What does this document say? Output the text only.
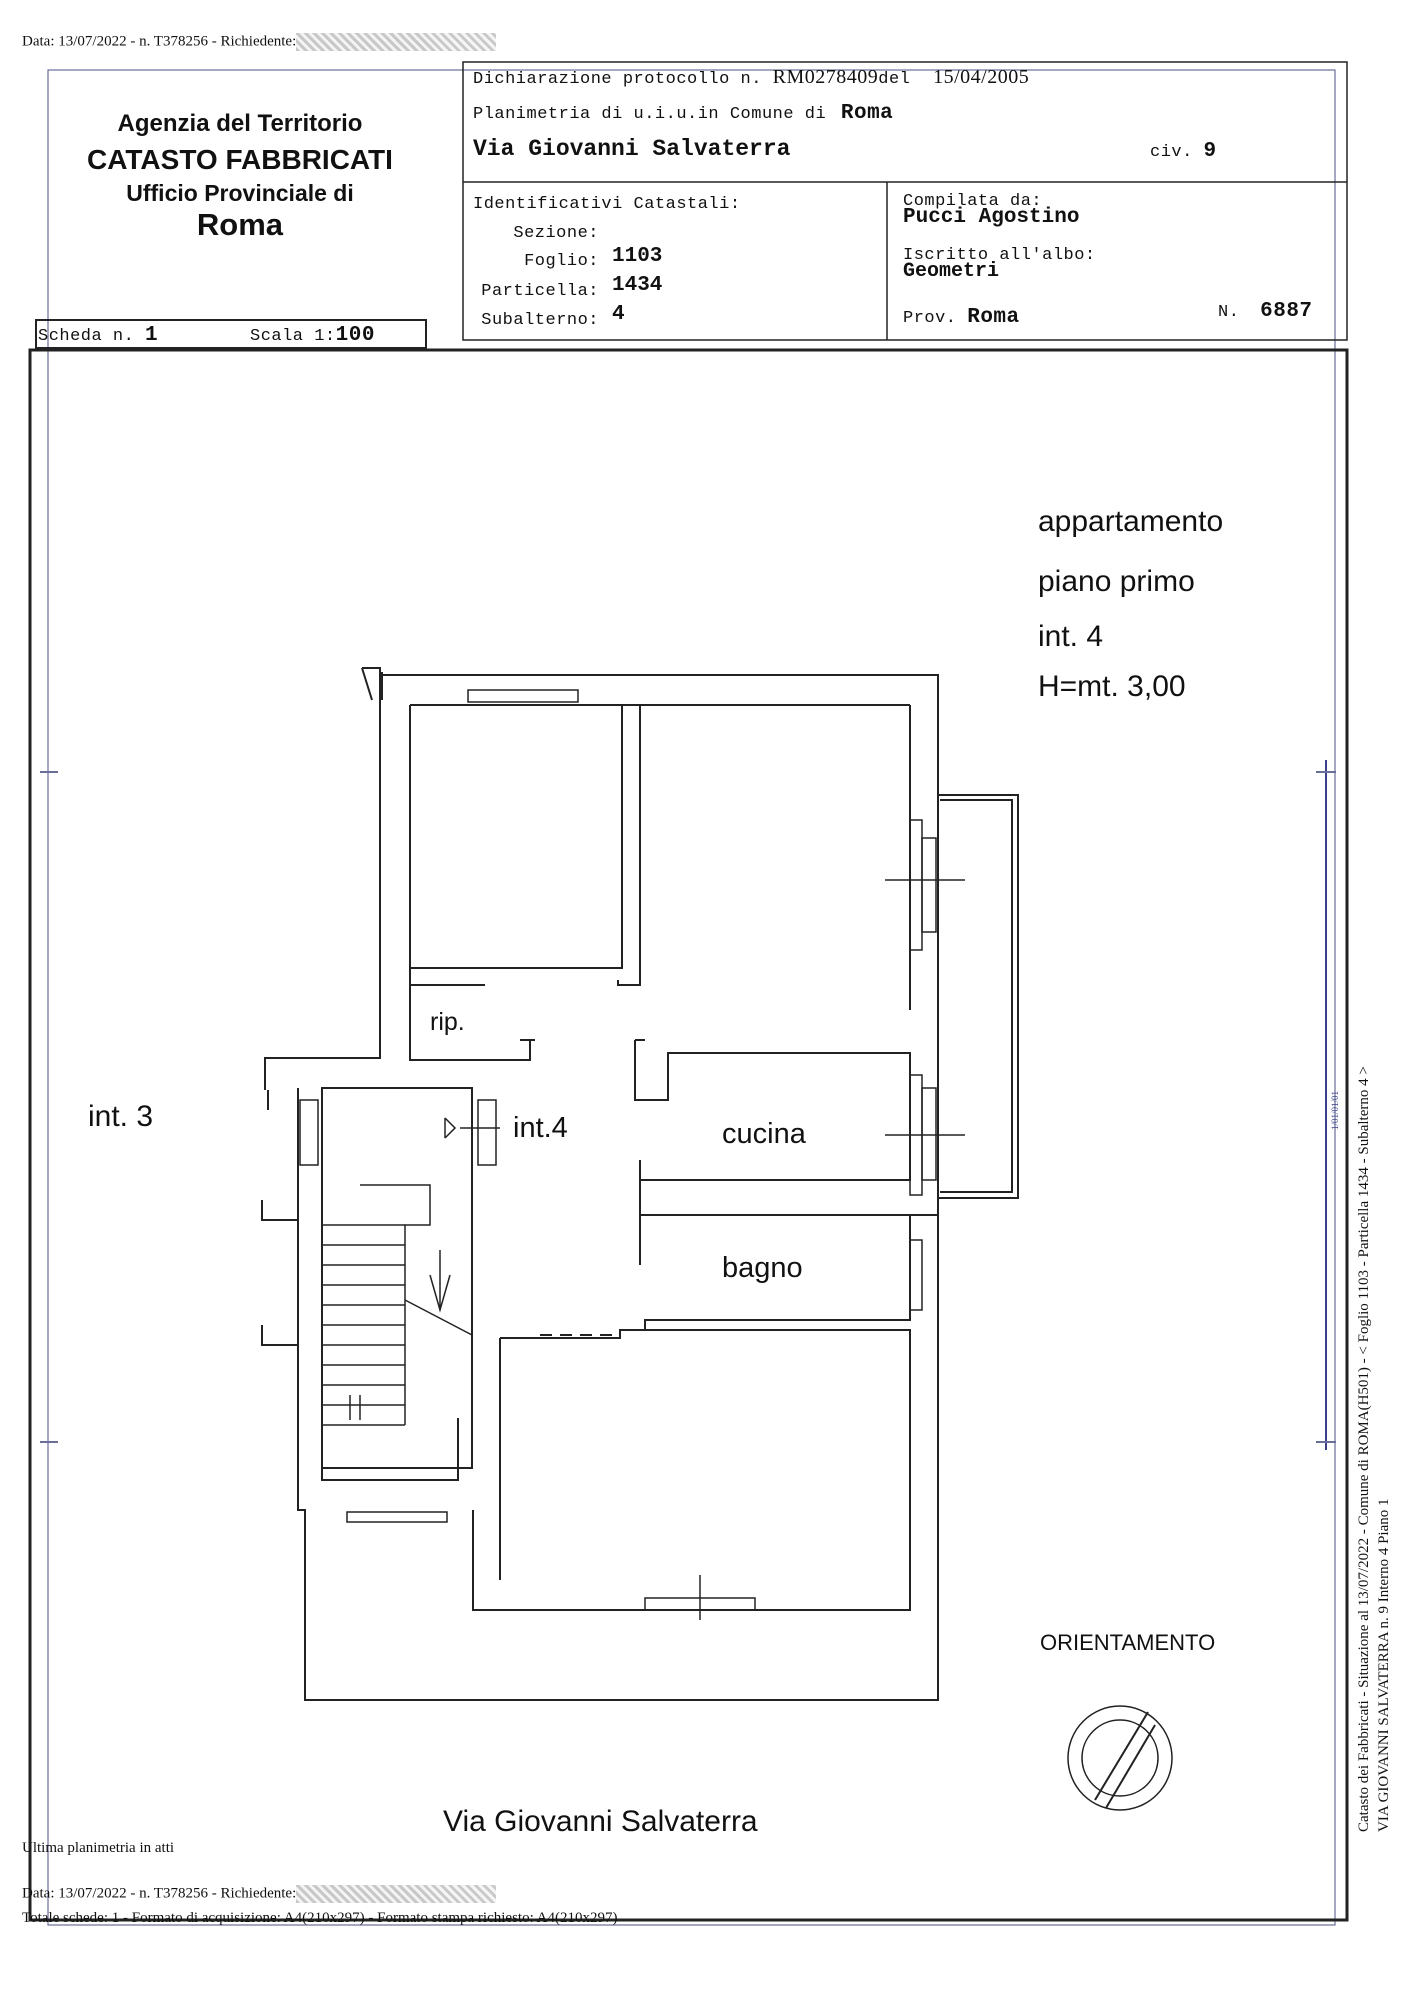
Data: 13/07/2022 - n. T378256 - Richiedente:
Agenzia del Territorio
CATASTO FABBRICATI
Ufficio Provinciale di
Roma
Dichiarazione protocollo n. RM0278409del 15/04/2005
Planimetria di u.i.u.in Comune di Roma
Via Giovanni Salvaterra	civ. 9
Identificativi Catastali:
Sezione:
Foglio: 1103
Particella: 1434
Subalterno: 4
Compilata da:
Pucci Agostino
Iscritto all'albo:
Geometri
Prov. Roma	N. 6887
Scheda n. 1	Scala 1:100
appartamento
piano primo
int. 4
H=mt. 3,00
int. 3
rip.
int.4	cucina
bagno
ORIENTAMENTO
Via Giovanni Salvaterra	Catasto dei Fabbricati - Situazione al 13/07/2022 - Comune di ROMA(H501) - < Foglio 1103 - Particella 1434 - Subalterno 4 > VIA GIOVANNI SALVATERRA n. 9 Interno 4 Piano 1
1/01/01/01
Ultima planimetria in atti
Data: 13/07/2022 - n. T378256 - Richiedente:
Totale schede: 1 - Formato di acquisizione: A4(210x297) - Formato stampa richiesto: A4(210x297)
